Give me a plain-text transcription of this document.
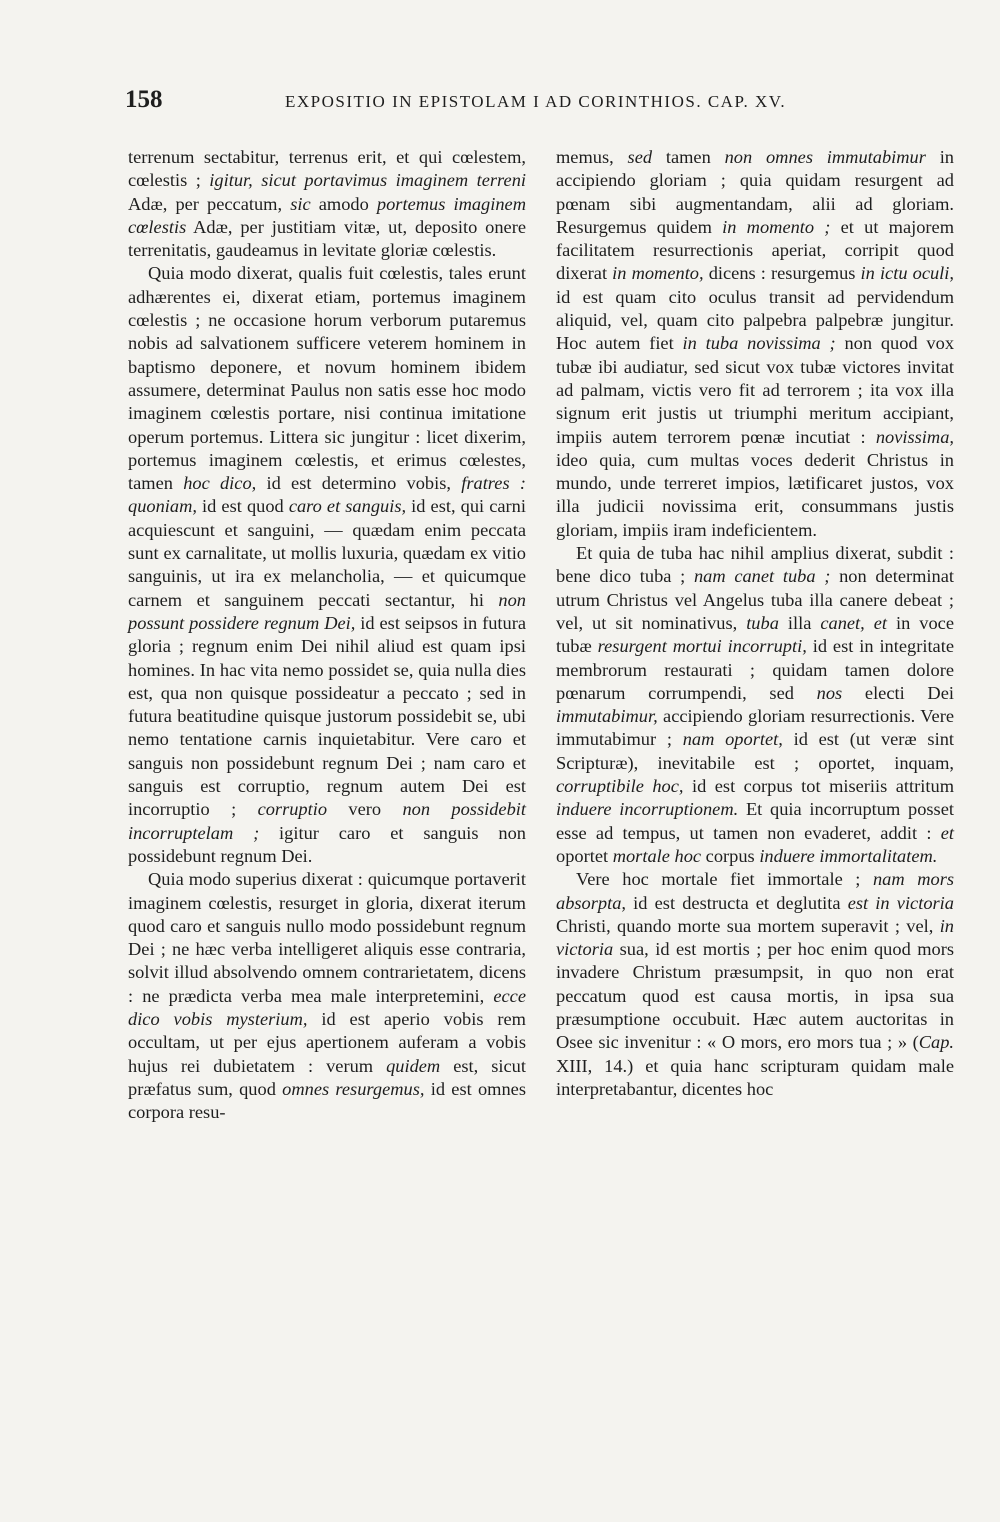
158	EXPOSITIO IN EPISTOLAM I AD CORINTHIOS. CAP. XV.

terrenum sectabitur, terrenus erit, et qui cœlestem, cœlestis ; igitur, sicut portavimus imaginem terreni Adæ, per peccatum, sic amodo portemus imaginem cœlestis Adæ, per justitiam vitæ, ut, deposito onere terrenitatis, gaudeamus in levitate gloriæ cœlestis.

Quia modo dixerat, qualis fuit cœlestis, tales erunt adhærentes ei, dixerat etiam, portemus imaginem cœlestis ; ne occasione horum verborum putaremus nobis ad salvationem sufficere veterem hominem in baptismo deponere, et novum hominem ibidem assumere, determinat Paulus non satis esse hoc modo imaginem cœlestis portare, nisi continua imitatione operum portemus. Littera sic jungitur : licet dixerim, portemus imaginem cœlestis, et erimus cœlestes, tamen hoc dico, id est determino vobis, fratres : quoniam, id est quod caro et sanguis, id est, qui carni acquiescunt et sanguini, — quædam enim peccata sunt ex carnalitate, ut mollis luxuria, quædam ex vitio sanguinis, ut ira ex melancholia, — et quicumque carnem et sanguinem peccati sectantur, hi non possunt possidere regnum Dei, id est seipsos in futura gloria ; regnum enim Dei nihil aliud est quam ipsi homines. In hac vita nemo possidet se, quia nulla dies est, qua non quisque possideatur a peccato ; sed in futura beatitudine quisque justorum possidebit se, ubi nemo tentatione carnis inquietabitur. Vere caro et sanguis non possidebunt regnum Dei ; nam caro et sanguis est corruptio, regnum autem Dei est incorruptio ; corruptio vero non possidebit incorruptelam ; igitur caro et sanguis non possidebunt regnum Dei.

Quia modo superius dixerat : quicumque portaverit imaginem cœlestis, resurget in gloria, dixerat iterum quod caro et sanguis nullo modo possidebunt regnum Dei ; ne hæc verba intelligeret aliquis esse contraria, solvit illud absolvendo omnem contrarietatem, dicens : ne prædicta verba mea male interpretemini, ecce dico vobis mysterium, id est aperio vobis rem occultam, ut per ejus apertionem auferam a vobis hujus rei dubietatem : verum quidem est, sicut præfatus sum, quod omnes resurgemus, id est omnes corpora resu-

memus, sed tamen non omnes immutabimur in accipiendo gloriam ; quia quidam resurgent ad pœnam sibi augmentandam, alii ad gloriam. Resurgemus quidem in momento ; et ut majorem facilitatem resurrectionis aperiat, corripit quod dixerat in momento, dicens : resurgemus in ictu oculi, id est quam cito oculus transit ad pervidendum aliquid, vel, quam cito palpebra palpebræ jungitur. Hoc autem fiet in tuba novissima ; non quod vox tubæ ibi audiatur, sed sicut vox tubæ victores invitat ad palmam, victis vero fit ad terrorem ; ita vox illa signum erit justis ut triumphi meritum accipiant, impiis autem terrorem pœnæ incutiat : novissima, ideo quia, cum multas voces dederit Christus in mundo, unde terreret impios, lætificaret justos, vox illa judicii novissima erit, consummans justis gloriam, impiis iram indeficientem.

Et quia de tuba hac nihil amplius dixerat, subdit : bene dico tuba ; nam canet tuba ; non determinat utrum Christus vel Angelus tuba illa canere debeat ; vel, ut sit nominativus, tuba illa canet, et in voce tubæ resurgent mortui incorrupti, id est in integritate membrorum restaurati ; quidam tamen dolore pœnarum corrumpendi, sed nos electi Dei immutabimur, accipiendo gloriam resurrectionis. Vere immutabimur ; nam oportet, id est (ut veræ sint Scripturæ), inevitabile est ; oportet, inquam, corruptibile hoc, id est corpus tot miseriis attritum induere incorruptionem. Et quia incorruptum posset esse ad tempus, ut tamen non evaderet, addit : et oportet mortale hoc corpus induere immortalitatem.

Vere hoc mortale fiet immortale ; nam mors absorpta, id est destructa et deglutita est in victoria Christi, quando morte sua mortem superavit ; vel, in victoria sua, id est mortis ; per hoc enim quod mors invadere Christum præsumpsit, in quo non erat peccatum quod est causa mortis, in ipsa sua præsumptione occubuit. Hæc autem auctoritas in Osee sic invenitur : « O mors, ero mors tua ; » (Cap. XIII, 14.) et quia hanc scripturam quidam male interpretabantur, dicentes hoc
